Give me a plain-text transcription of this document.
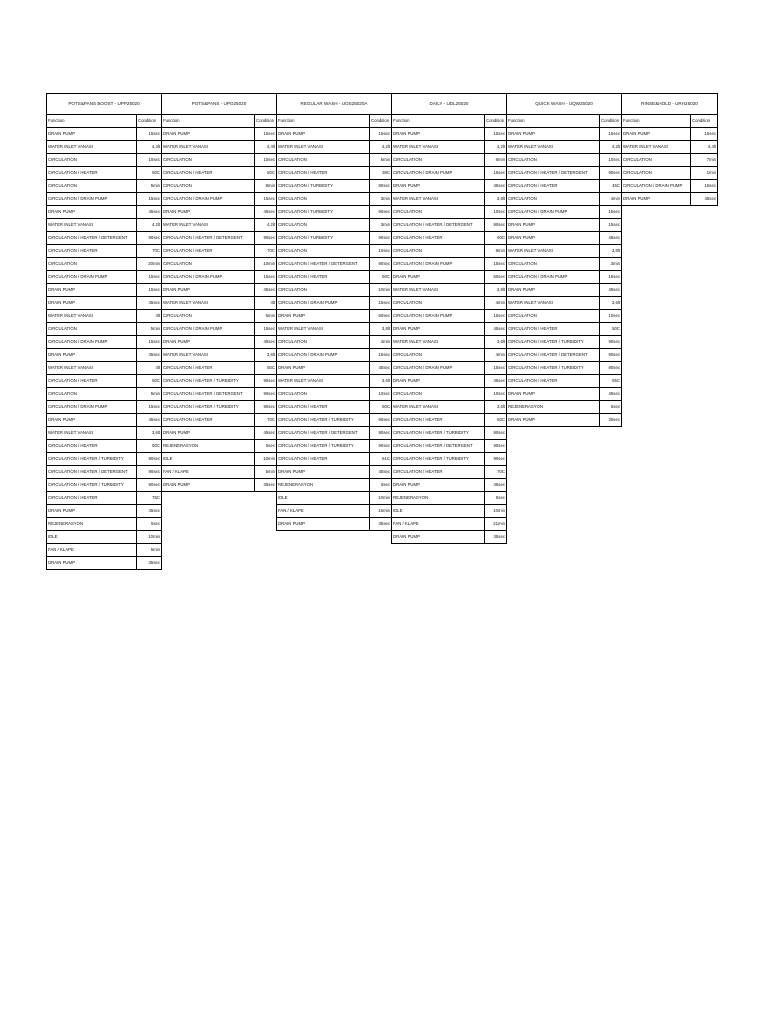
POTS&PANS BOOST - UPP25020	
Function	Condition
DRAIN PUMP	15sec
WATER INLET VANASI	4,4lt
CIRCULATION	10sec
CIRCULATION / HEATER	50C
CIRCULATION	5min
CIRCULATION / DRAIN PUMP	15sec
DRAIN PUMP	45sec
WATER INLET VANASI	4,2lt
CIRCULATION / HEATER / DETERGENT	90sec
CIRCULATION / HEATER	70C
CIRCULATION	20min
CIRCULATION / DRAIN PUMP	15sec
DRAIN PUMP	15sec
DRAIN PUMP	45sec
WATER INLET VANASI	4lt
CIRCULATION	5min
CIRCULATION / DRAIN PUMP	15sec
DRAIN PUMP	45sec
WATER INLET VANASI	4lt
CIRCULATION / HEATER	50C
CIRCULATION	5min
CIRCULATION / DRAIN PUMP	15sec
DRAIN PUMP	45sec
WATER INLET VANASI	3,6lt
CIRCULATION / HEATER	50C
CIRCULATION / HEATER / TURBIDITY	90sec
CIRCULATION / HEATER / DETERGENT	90sec
CIRCULATION / HEATER / TURBIDITY	90sec
CIRCULATION / HEATER	75C
DRAIN PUMP	45sec
REJENERASYON	5sec
IDLE	10min
FAN / KLAPE	5min
DRAIN PUMP	35sec
POTS&PANS - UPO25020	
Function	Condition
DRAIN PUMP	15sec
WATER INLET VANASI	4,4lt
CIRCULATION	10sec
CIRCULATION / HEATER	50C
CIRCULATION	8min
CIRCULATION / DRAIN PUMP	15sec
DRAIN PUMP	45sec
WATER INLET VANASI	4,2lt
CIRCULATION / HEATER / DETERGENT	90sec
CIRCULATION / HEATER	70C
CIRCULATION	10min
CIRCULATION / DRAIN PUMP	15sec
DRAIN PUMP	45sec
WATER INLET VANASI	4lt
CIRCULATION	5min
CIRCULATION / DRAIN PUMP	15sec
DRAIN PUMP	45sec
WATER INLET VANASI	3,6lt
CIRCULATION / HEATER	50C
CIRCULATION / HEATER / TURBIDITY	90sec
CIRCULATION / HEATER / DETERGENT	90sec
CIRCULATION / HEATER / TURBIDITY	90sec
CIRCULATION / HEATER	70C
DRAIN PUMP	45sec
REJENERASYON	5sec
IDLE	10min
FAN / KLAPE	5min
DRAIN PUMP	35sec
REGULAR WASH - UOS25020A	
Function	Condition
DRAIN PUMP	15sec
WATER INLET VANASI	4,2lt
CIRCULATION	6min
CIRCULATION / HEATER	38C
CIRCULATION / TURBIDITY	90sec
CIRCULATION	3min
CIRCULATION / TURBIDITY	90sec
CIRCULATION	3min
CIRCULATION / TURBIDITY	90sec
CIRCULATION	10sec
CIRCULATION / HEATER / DETERGENT	90sec
CIRCULATION / HEATER	50C
CIRCULATION	10min
CIRCULATION / DRAIN PUMP	15sec
DRAIN PUMP	60sec
WATER INLET VANASI	3,8lt
CIRCULATION	4min
CIRCULATION / DRAIN PUMP	15sec
DRAIN PUMP	45sec
WATER INLET VANASI	3,6lt
CIRCULATION	10sec
CIRCULATION / HEATER	50C
CIRCULATION / HEATER / TURBIDITY	90sec
CIRCULATION / HEATER / DETERGENT	90sec
CIRCULATION / HEATER / TURBIDITY	90sec
CIRCULATION / HEATER	61C
DRAIN PUMP	45sec
REJENERASYON	5sec
IDLE	10min
FAN / KLAPE	16min
DRAIN PUMP	35sec
DAILY - UDL25020	
Function	Condition
DRAIN PUMP	15sec
WATER INLET VANASI	4,2lt
CIRCULATION	8min
CIRCULATION / DRAIN PUMP	15sec
DRAIN PUMP	45sec
WATER INLET VANASI	3,8lt
CIRCULATION	10sec
CIRCULATION / HEATER / DETERGENT	90sec
CIRCULATION / HEATER	60C
CIRCULATION	8min
CIRCULATION / DRAIN PUMP	15sec
DRAIN PUMP	60sec
WATER INLET VANASI	3,8lt
CIRCULATION	4min
CIRCULATION / DRAIN PUMP	15sec
DRAIN PUMP	45sec
WATER INLET VANASI	3,6lt
CIRCULATION	4min
CIRCULATION / DRAIN PUMP	15sec
DRAIN PUMP	45sec
CIRCULATION	10sec
WATER INLET VANASI	3,6lt
CIRCULATION / HEATER	50C
CIRCULATION / HEATER / TURBIDITY	90sec
CIRCULATION / HEATER / DETERGENT	90sec
CIRCULATION / HEATER / TURBIDITY	90sec
CIRCULATION / HEATER	70C
DRAIN PUMP	45sec
REJENERASYON	5sec
IDLE	10min
FAN / KLAPE	21min
DRAIN PUMP	35sec
QUICK WASH - UQW25020	
Function	Condition
DRAIN PUMP	15sec
WATER INLET VANASI	4,2lt
CIRCULATION	10sec
CIRCULATION / HEATER / DETERGENT	90sec
CIRCULATION / HEATER	45C
CIRCULATION	4min
CIRCULATION / DRAIN PUMP	15sec
DRAIN PUMP	15sec
DRAIN PUMP	45sec
WATER INLET VANASI	3,8lt
CIRCULATION	3min
CIRCULATION / DRAIN PUMP	15sec
DRAIN PUMP	45sec
WATER INLET VANASI	3,6lt
CIRCULATION	10sec
CIRCULATION / HEATER	50C
CIRCULATION / HEATER / TURBIDITY	90sec
CIRCULATION / HEATER / DETERGENT	90sec
CIRCULATION / HEATER / TURBIDITY	90sec
CIRCULATION / HEATER	55C
DRAIN PUMP	45sec
REJENERASYON	5sec
DRAIN PUMP	35sec
RINSE&HOLD - URH25020	
Function	Condition
DRAIN PUMP	15sec
WATER INLET VANASI	4,4lt
CIRCULATION	7min
CIRCULATION	1min
CIRCULATION / DRAIN PUMP	15sec
DRAIN PUMP	45sec
